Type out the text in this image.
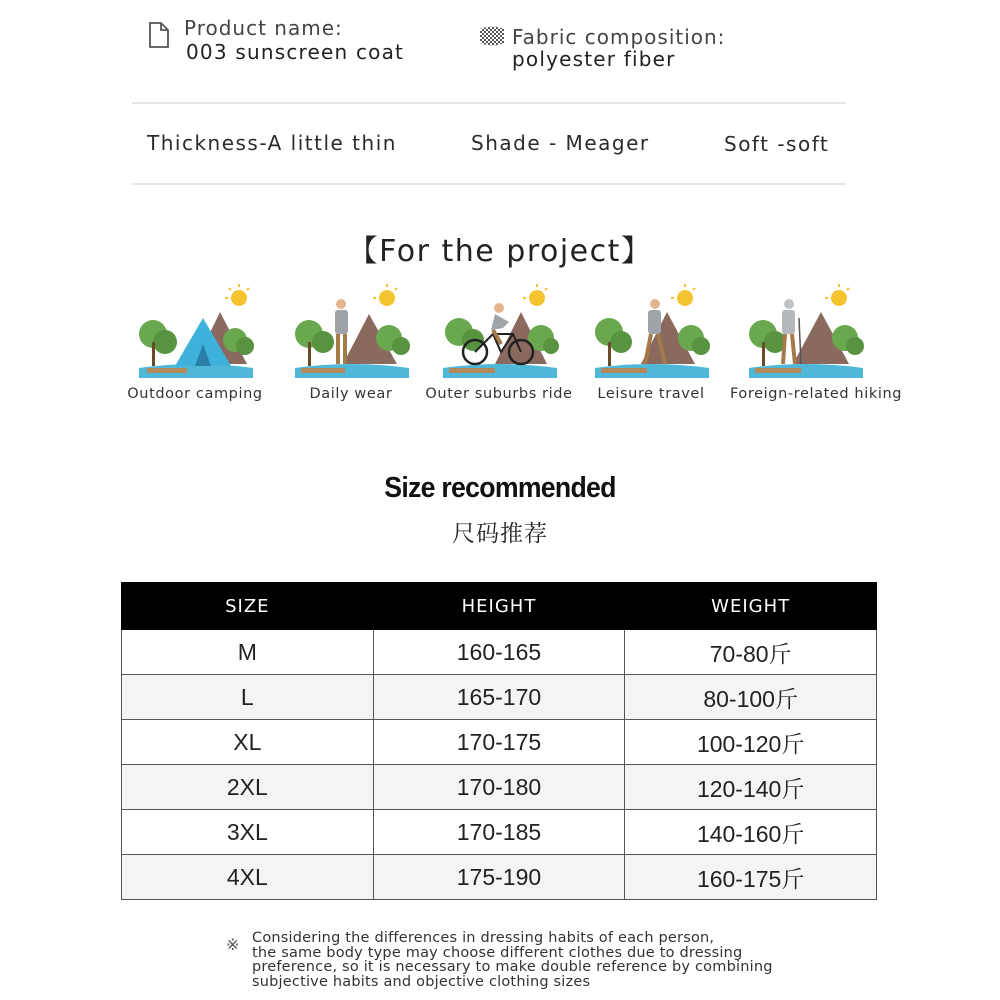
Product name:
003 sunscreen coat
Fabric composition:
polyester fiber
Thickness-A little thin	Shade - Meager	Soft -soft
【For the project】
Outdoor camping	Daily wear	Outer suburbs ride	Leisure travel	Foreign-related hiking
Size recommended
尺码推荐
SIZE	HEIGHT	WEIGHT
M	160-165	70-80斤
L	165-170	80-100斤
XL	170-175	100-120斤
2XL	170-180	120-140斤
3XL	170-185	140-160斤
4XL	175-190	160-175斤
※ Considering the differences in dressing habits of each person,
the same body type may choose different clothes due to dressing
preference, so it is necessary to make double reference by combining
subjective habits and objective clothing sizes
